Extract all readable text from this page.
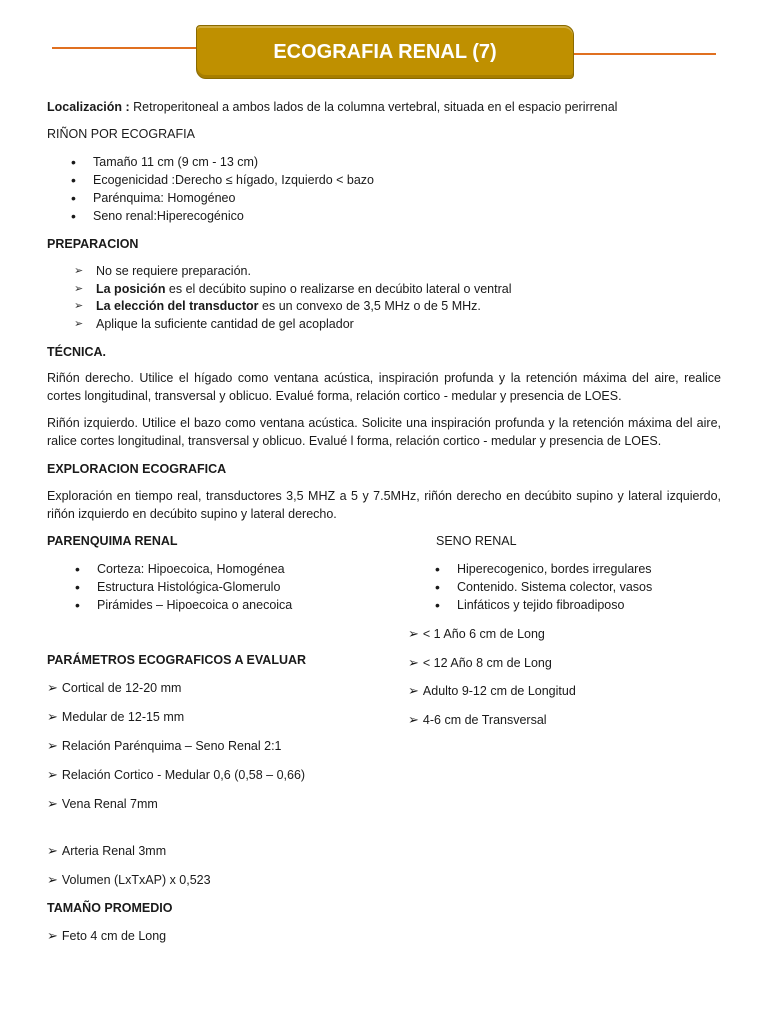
ECOGRAFIA RENAL (7)
Localización : Retroperitoneal a ambos lados de la columna vertebral, situada en el espacio perirrenal
RIÑON POR ECOGRAFIA
• Tamaño 11 cm (9 cm - 13 cm)
• Ecogenicidad :Derecho ≤ hígado, Izquierdo < bazo
• Parénquima: Homogéneo
• Seno renal:Hiperecogénico
PREPARACION
➢ No se requiere preparación.
➢ La posición es el decúbito supino o realizarse en decúbito lateral o ventral
➢ La elección del transductor es un convexo de 3,5 MHz o de 5 MHz.
➢ Aplique la suficiente cantidad de gel acoplador
TÉCNICA.
Riñón derecho. Utilice el hígado como ventana acústica, inspiración profunda y la retención máxima del aire, realice cortes longitudinal, transversal y oblicuo. Evalué forma, relación cortico - medular y presencia de LOES.
Riñón izquierdo. Utilice el bazo como ventana acústica. Solicite una inspiración profunda y la retención máxima del aire, ralice cortes longitudinal, transversal y oblicuo. Evalué l forma, relación cortico - medular y presencia de LOES.
EXPLORACION ECOGRAFICA
Exploración en tiempo real, transductores 3,5 MHZ a 5 y 7.5MHz, riñón derecho en decúbito supino y lateral izquierdo, riñón izquierdo en decúbito supino y lateral derecho.
PARENQUIMA RENAL
• Corteza: Hipoecoica, Homogénea
• Estructura Histológica-Glomerulo
• Pirámides – Hipoecoica o anecoica
SENO RENAL
• Hiperecogenico, bordes irregulares
• Contenido. Sistema colector, vasos
• Linfáticos y tejido fibroadiposo
➢ < 1 Año 6 cm de Long
➢ < 12 Año 8 cm de Long
➢ Adulto 9-12 cm de Longitud
➢ 4-6 cm de Transversal
PARÁMETROS ECOGRAFICOS A EVALUAR
➢ Cortical de 12-20 mm
➢ Medular de 12-15 mm
➢ Relación Parénquima – Seno Renal 2:1
➢ Relación Cortico - Medular 0,6 (0,58 – 0,66)
➢ Vena Renal 7mm
➢ Arteria Renal 3mm
➢ Volumen (LxTxAP) x 0,523
TAMAÑO PROMEDIO
➢ Feto 4 cm de Long
